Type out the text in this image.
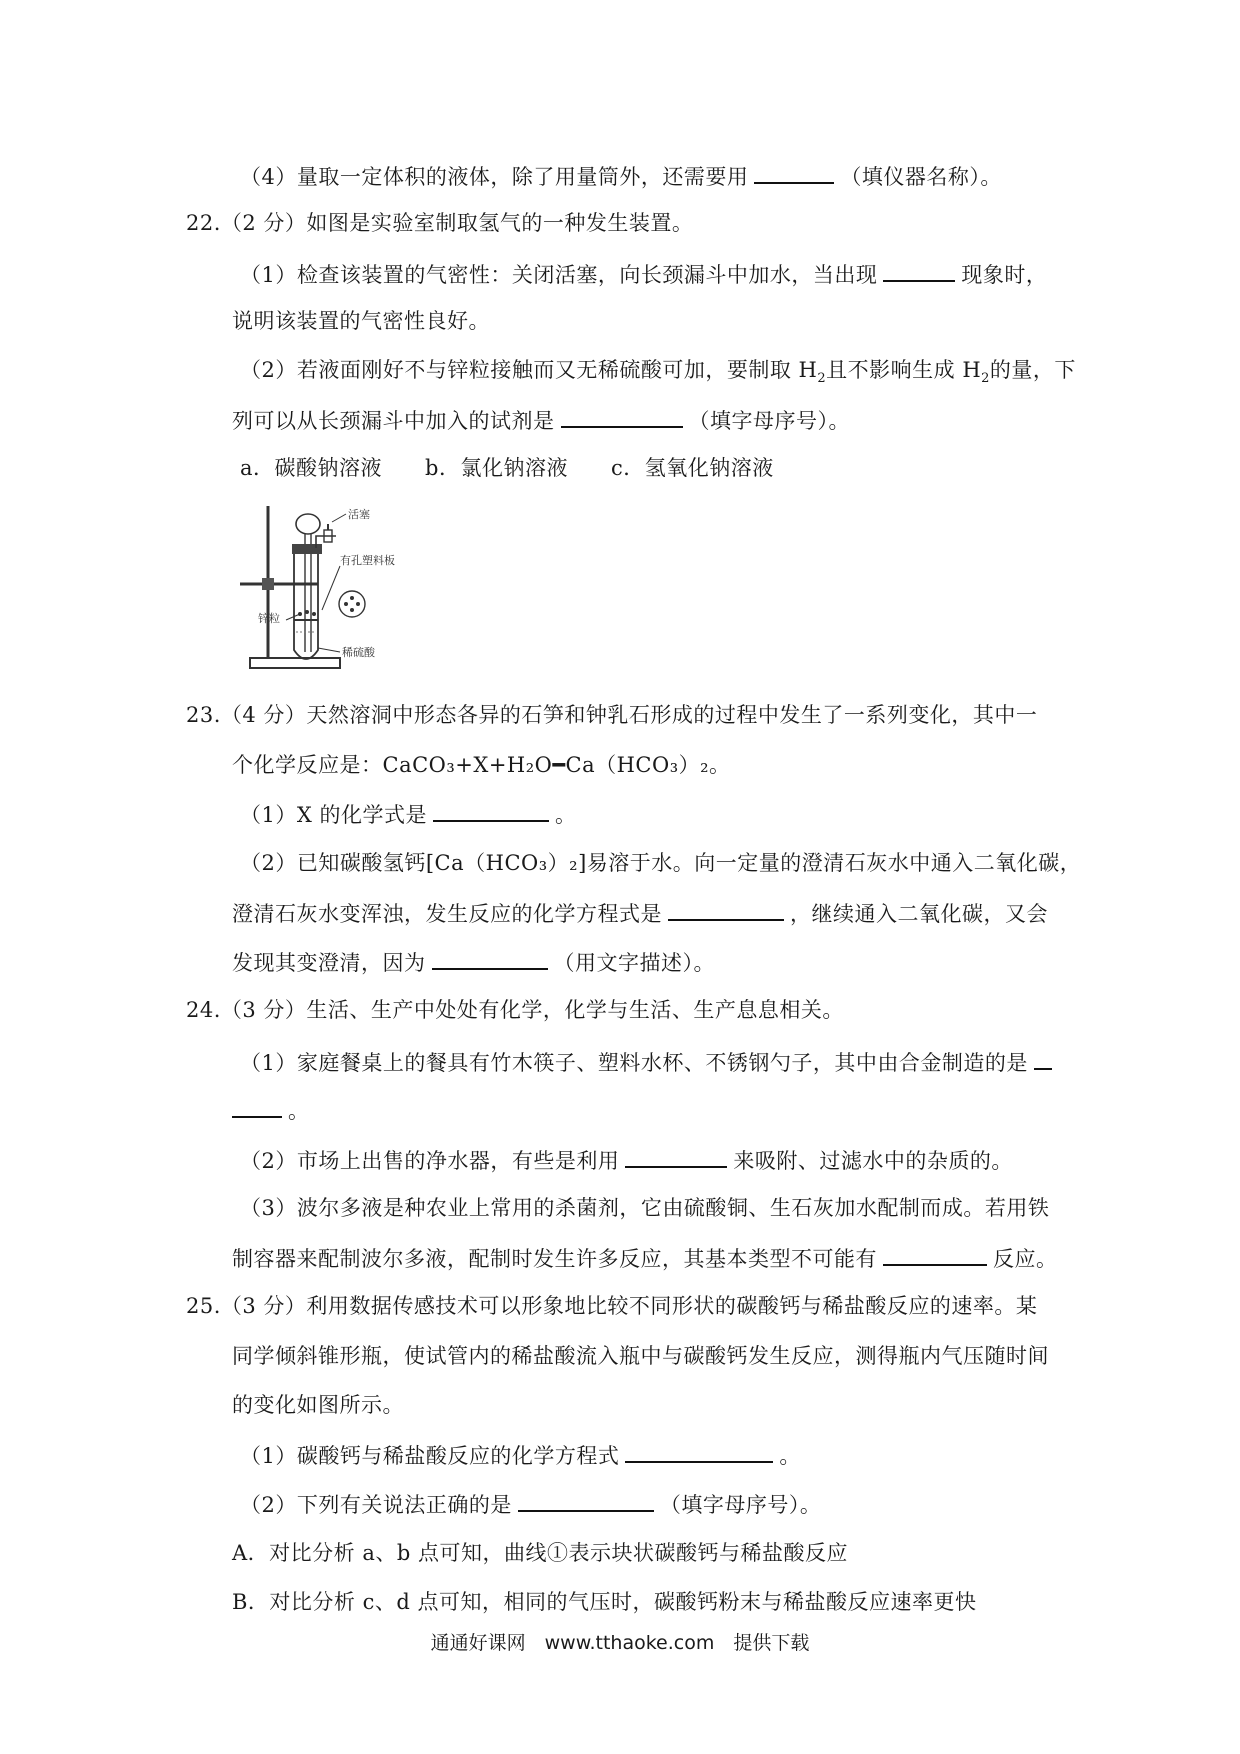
（4）量取一定体积的液体，除了用量筒外，还需要用	（填仪器名称）。
22.（2 分）如图是实验室制取氢气的一种发生装置。
（1）检查该装置的气密性：关闭活塞，向长颈漏斗中加水，当出现	现象时，
说明该装置的气密性良好。
（2）若液面刚好不与锌粒接触而又无稀硫酸可加，要制取 $H_2$且不影响生成 $H_2$的量，下
列可以从长颈漏斗中加入的试剂是	（填字母序号）。
a．碳酸钠溶液　　b．氯化钠溶液　　c．氢氧化钠溶液
活塞
有孔塑料板
锌粒
稀硫酸
23.（4 分）天然溶洞中形态各异的石笋和钟乳石形成的过程中发生了一系列变化，其中一
个化学反应是：CaCO₃+X+H₂O━Ca（HCO₃）₂。
（1）X 的化学式是	。
（2）已知碳酸氢钙[Ca（HCO₃）₂]易溶于水。向一定量的澄清石灰水中通入二氧化碳，
澄清石灰水变浑浊，发生反应的化学方程式是	，继续通入二氧化碳，又会
发现其变澄清，因为	（用文字描述）。
24.（3 分）生活、生产中处处有化学，化学与生活、生产息息相关。
（1）家庭餐桌上的餐具有竹木筷子、塑料水杯、不锈钢勺子，其中由合金制造的是
。
（2）市场上出售的净水器，有些是利用	来吸附、过滤水中的杂质的。
（3）波尔多液是种农业上常用的杀菌剂，它由硫酸铜、生石灰加水配制而成。若用铁
制容器来配制波尔多液，配制时发生许多反应，其基本类型不可能有	反应。
25.（3 分）利用数据传感技术可以形象地比较不同形状的碳酸钙与稀盐酸反应的速率。某
同学倾斜锥形瓶，使试管内的稀盐酸流入瓶中与碳酸钙发生反应，测得瓶内气压随时间
的变化如图所示。
（1）碳酸钙与稀盐酸反应的化学方程式	。
（2）下列有关说法正确的是	（填字母序号）。
A．对比分析 a、b 点可知，曲线①表示块状碳酸钙与稀盐酸反应
B．对比分析 c、d 点可知，相同的气压时，碳酸钙粉末与稀盐酸反应速率更快
通通好课网　www.tthaoke.com　提供下载
